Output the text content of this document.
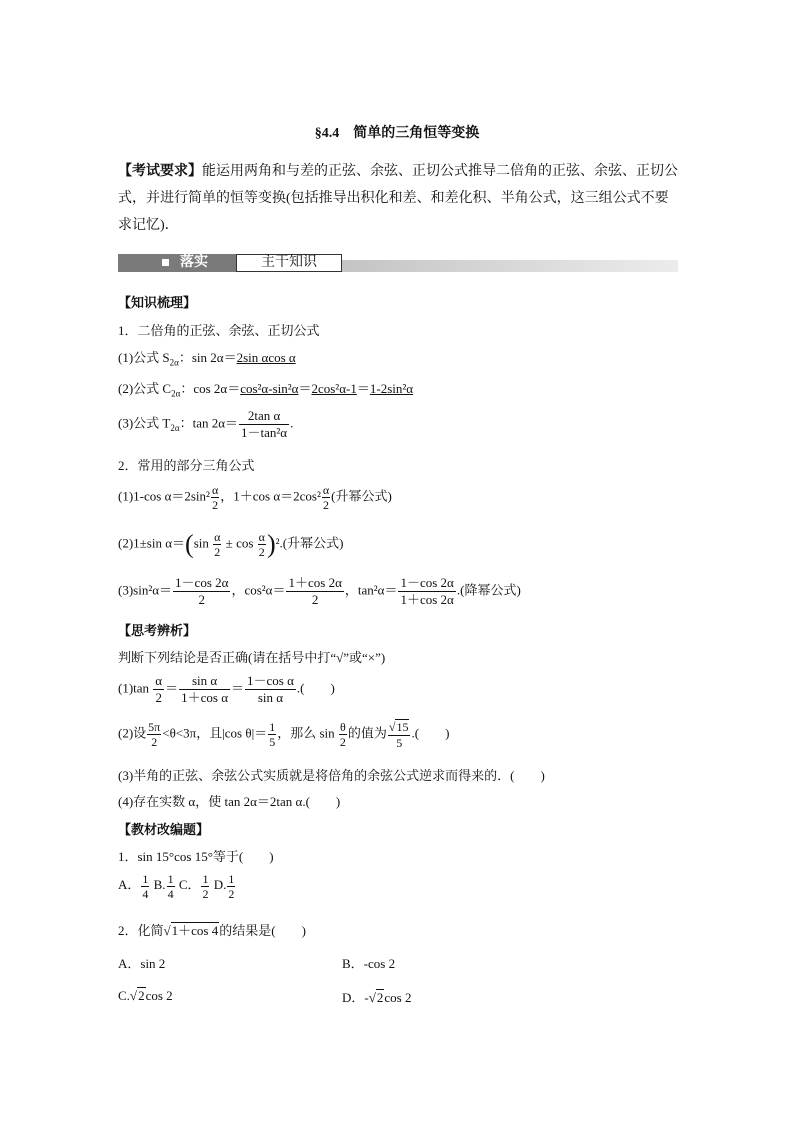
§4.4　简单的三角恒等变换
【考试要求】能运用两角和与差的正弦、余弦、正切公式推导二倍角的正弦、余弦、正切公式，并进行简单的恒等变换(包括推导出积化和差、和差化积、半角公式，这三组公式不要求记忆)．
落实	主干知识
【知识梳理】
1．二倍角的正弦、余弦、正切公式
(1)公式 $S_{2\alpha}$：sin 2α＝2sin αcos α
(2)公式 $C_{2\alpha}$：cos 2α＝cos²α-sin²α＝2cos²α-1＝1-2sin²α
(3)公式 $T_{2\alpha}$：$\tan 2\alpha= \frac{\text{2tan α}}{\text{1－tan²α}}$ .
2．常用的部分三角公式
(1)1-cos $\alpha=2\sin^2 \frac{\alpha}{2}$ ，1＋cos $\alpha=2\cos^2 \frac{\alpha}{2}$ (升幂公式)
(2)1±sin $\alpha=(\sin \frac{\alpha}{2} \pm \cos \frac{\alpha}{2} )^2$.(升幂公式)
$(3)\sin^2\alpha= \frac{1-\cos 2\alpha}{2}$ ，$\cos^2\alpha= \frac{1+\cos 2\alpha}{2}$ ，$\tan^2\alpha= \frac{1-\cos 2\alpha}{1+\cos 2\alpha}$ .(降幂公式)
【思考辨析】
判断下列结论是否正确(请在括号中打“√”或“×”)
$(1)\tan \frac{\alpha}{2} = \frac{\text{sin α}}{\text{1＋cos α}} = \frac{\text{1－cos α}}{\text{sin α}}$ .(　　)
(2)设 $\frac{5\pi}{2} <\theta<3\pi$，且|cos $\theta|= \frac{1}{5}$ ，那么 $\sin \frac{\theta}{2}$ 的值为 $\frac{√15}{5}$ .(　　)
(3)半角的正弦、余弦公式实质就是将倍角的余弦公式逆求而得来的．(　　)
(4)存在实数 α，使 tan 2α＝2tan α.(　　)
【教材改编题】
1．sin 15°cos 15°等于(　　)
A． $\frac{1}{4} B$. $\frac{1}{4}$ C． $\frac{1}{2} D$. $\frac{1}{2}$
2．化简√1＋cos 4的结果是(　　)
A．sin 2	B．-cos 2
C.√2cos 2	D．-√2cos 2
